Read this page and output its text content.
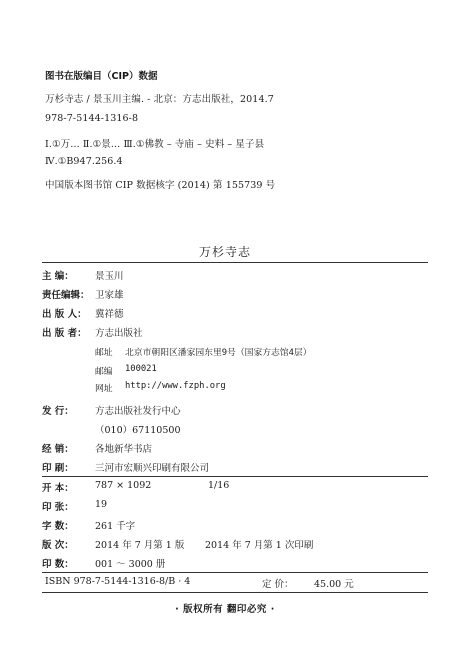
图书在版编目（CIP）数据
万杉寺志 / 景玉川主编. - 北京：方志出版社，2014.7
978-7-5144-1316-8
Ⅰ.①万… Ⅱ.①景… Ⅲ.①佛教 – 寺庙 – 史料 – 星子县
Ⅳ.①B947.256.4
中国版本图书馆 CIP 数据核字 (2014) 第 155739 号
万杉寺志
主 编： 景玉川
责任编辑： 卫家雄
出 版 人： 冀祥德
出 版 者： 方志出版社
邮址 北京市朝阳区潘家园东里9号（国家方志馆4层）
邮编 100021
网址 http://www.fzph.org
发 行： 方志出版社发行中心
（010）67110500
经 销： 各地新华书店
印 刷： 三河市宏顺兴印刷有限公司
开 本： 787 × 1092	1/16
印 张： 19
字 数： 261 千字
版 次： 2014 年 7 月第 1 版 2014 年 7 月第 1 次印刷
印 数： 001 ～ 3000 册
ISBN 978-7-5144-1316-8/B · 4	定 价： 45.00 元
· 版权所有 翻印必究 ·
